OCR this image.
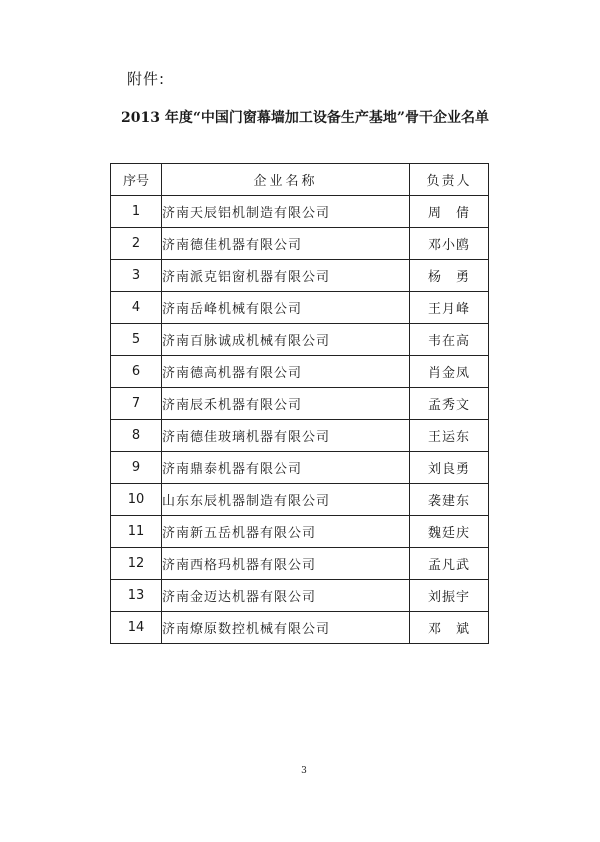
附件:
2013 年度“中国门窗幕墙加工设备生产基地”骨干企业名单
序号	企业名称	负责人
1	济南天辰铝机制造有限公司	周　倩
2	济南德佳机器有限公司	邓小鸥
3	济南派克铝窗机器有限公司	杨　勇
4	济南岳峰机械有限公司	王月峰
5	济南百脉诚成机械有限公司	韦在高
6	济南德高机器有限公司	肖金凤
7	济南辰禾机器有限公司	孟秀文
8	济南德佳玻璃机器有限公司	王运东
9	济南鼎泰机器有限公司	刘良勇
10	山东东辰机器制造有限公司	袭建东
11	济南新五岳机器有限公司	魏廷庆
12	济南西格玛机器有限公司	孟凡武
13	济南金迈达机器有限公司	刘振宇
14	济南燎原数控机械有限公司	邓　斌
3
